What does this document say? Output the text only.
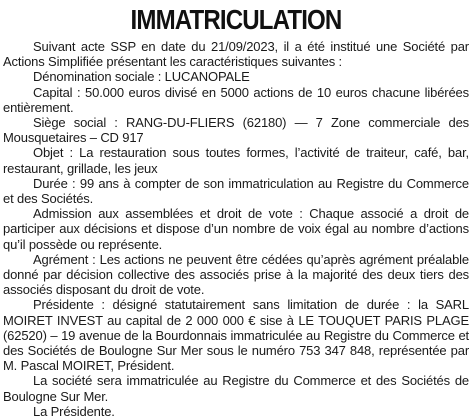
IMMATRICULATION

Suivant acte SSP en date du 21/09/2023, il a été institué une Société par Actions Simplifiée présentant les caractéristiques suivantes :

Dénomination sociale : LUCANOPALE

Capital : 50.000 euros divisé en 5000 actions de 10 euros chacune libérées entièrement.

Siège social : RANG-DU-FLIERS (62180) — 7 Zone commerciale des Mousquetaires – CD 917

Objet : La restauration sous toutes formes, l’activité de traiteur, café, bar, restaurant, grillade, les jeux

Durée : 99 ans à compter de son immatriculation au Registre du Commerce et des Sociétés.

Admission aux assemblées et droit de vote : Chaque associé a droit de participer aux décisions et dispose d’un nombre de voix égal au nombre d’actions qu’il possède ou représente.

Agrément : Les actions ne peuvent être cédées qu’après agrément préalable donné par décision collective des associés prise à la majorité des deux tiers des associés disposant du droit de vote.

Présidente : désigné statutairement sans limitation de durée : la SARL MOIRET INVEST au capital de 2 000 000 € sise à LE TOUQUET PARIS PLAGE (62520) – 19 avenue de la Bourdonnais immatriculée au Registre du Commerce et des Sociétés de Boulogne Sur Mer sous le numéro 753 347 848, représentée par M. Pascal MOIRET, Président.

La société sera immatriculée au Registre du Commerce et des Sociétés de Boulogne Sur Mer.

La Présidente.
